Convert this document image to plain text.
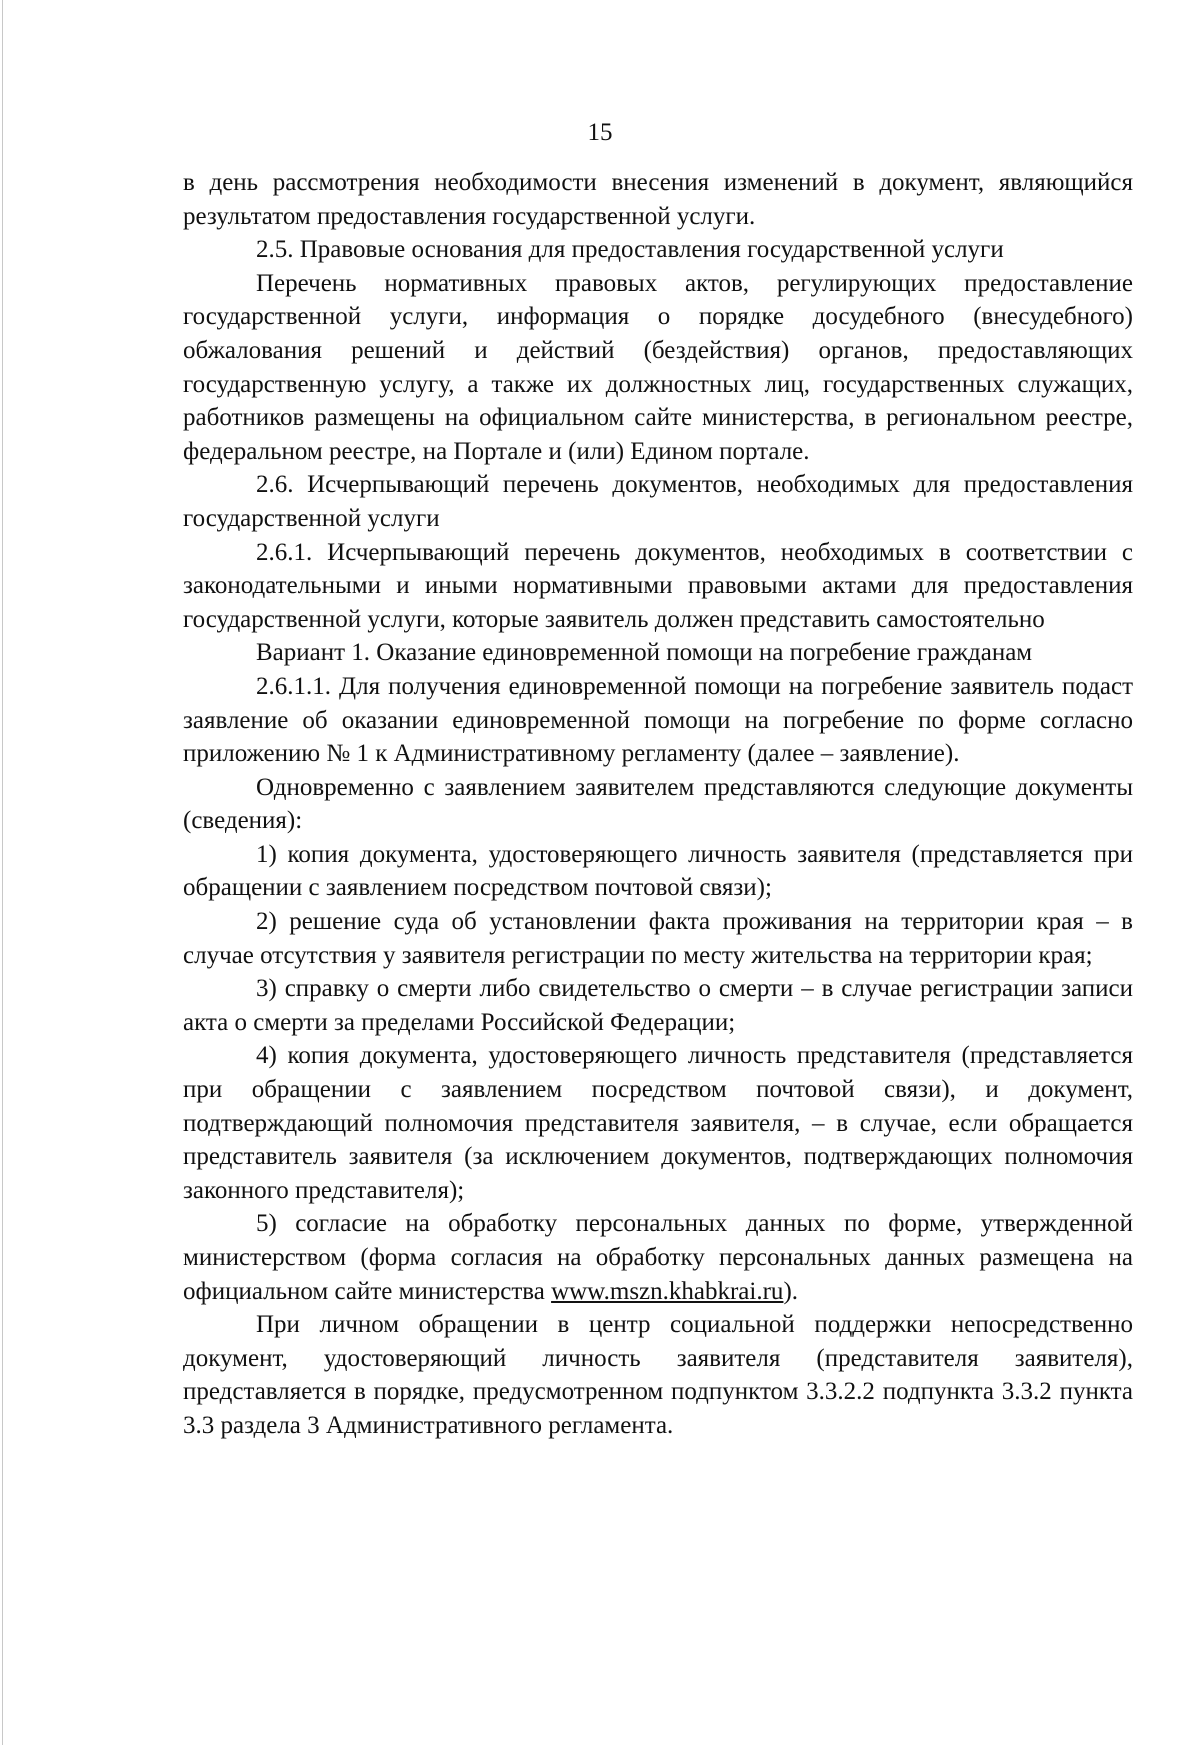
15

в день рассмотрения необходимости внесения изменений в документ, являющийся результатом предоставления государственной услуги.

2.5. Правовые основания для предоставления государственной услуги

Перечень нормативных правовых актов, регулирующих предоставление государственной услуги, информация о порядке досудебного (внесудебного) обжалования решений и действий (бездействия) органов, предоставляющих государственную услугу, а также их должностных лиц, государственных служащих, работников размещены на официальном сайте министерства, в региональном реестре, федеральном реестре, на Портале и (или) Едином портале.

2.6. Исчерпывающий перечень документов, необходимых для предоставления государственной услуги

2.6.1. Исчерпывающий перечень документов, необходимых в соответствии с законодательными и иными нормативными правовыми актами для предоставления государственной услуги, которые заявитель должен представить самостоятельно

Вариант 1. Оказание единовременной помощи на погребение гражданам

2.6.1.1. Для получения единовременной помощи на погребение заявитель подаст заявление об оказании единовременной помощи на погребение по форме согласно приложению № 1 к Административному регламенту (далее – заявление).

Одновременно с заявлением заявителем представляются следующие документы (сведения):

1) копия документа, удостоверяющего личность заявителя (представляется при обращении с заявлением посредством почтовой связи);

2) решение суда об установлении факта проживания на территории края – в случае отсутствия у заявителя регистрации по месту жительства на территории края;

3) справку о смерти либо свидетельство о смерти – в случае регистрации записи акта о смерти за пределами Российской Федерации;

4) копия документа, удостоверяющего личность представителя (представляется при обращении с заявлением посредством почтовой связи), и документ, подтверждающий полномочия представителя заявителя, – в случае, если обращается представитель заявителя (за исключением документов, подтверждающих полномочия законного представителя);

5) согласие на обработку персональных данных по форме, утвержденной министерством (форма согласия на обработку персональных данных размещена на официальном сайте министерства www.mszn.khabkrai.ru).

При личном обращении в центр социальной поддержки непосредственно документ, удостоверяющий личность заявителя (представителя заявителя), представляется в порядке, предусмотренном подпунктом 3.3.2.2 подпункта 3.3.2 пункта 3.3 раздела 3 Административного регламента.
